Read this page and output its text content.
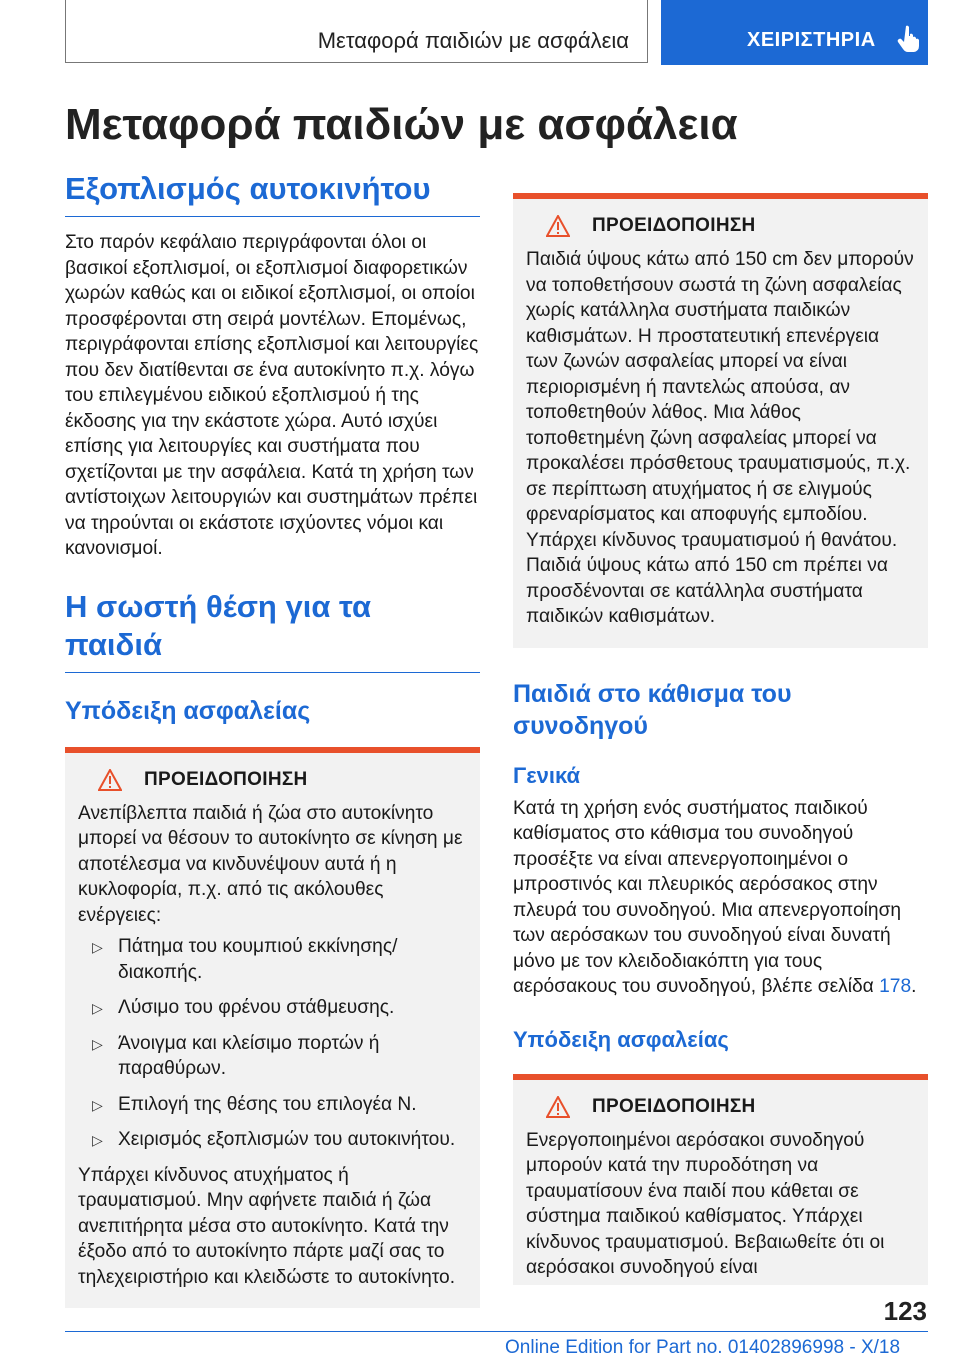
Μεταφορά παιδιών με ασφάλεια	ΧΕΙΡΙΣΤΗΡΙΑ
Μεταφορά παιδιών με ασφάλεια
Εξοπλισμός αυτοκινήτου

Στο παρόν κεφάλαιο περιγράφονται όλοι οι βασικοί εξοπλισμοί, οι εξοπλισμοί διαφορετικών χωρών καθώς και οι ειδικοί εξοπλισμοί, οι οποίοι προσφέρονται στη σειρά μοντέλων. Επομένως, περιγράφονται επίσης εξοπλισμοί και λειτουργίες που δεν διατίθενται σε ένα αυτοκίνητο π.χ. λόγω του επιλεγμένου ειδικού εξοπλισμού ή της έκδοσης για την εκάστοτε χώρα. Αυτό ισχύει επίσης για λειτουργίες και συστήματα που σχετίζονται με την ασφάλεια. Κατά τη χρήση των αντίστοιχων λειτουργιών και συστημάτων πρέπει να τηρούνται οι εκάστοτε ισχύοντες νόμοι και κανονισμοί.

Η σωστή θέση για τα παιδιά
Υπόδειξη ασφαλείας
ΠΡΟΕΙΔΟΠΟΙΗΣΗ

Ανεπίβλεπτα παιδιά ή ζώα στο αυτοκίνητο μπορεί να θέσουν το αυτοκίνητο σε κίνηση με αποτέλεσμα να κινδυνέψουν αυτά ή η κυκλοφορία, π.χ. από τις ακόλουθες ενέργειες:

▷ Πάτημα του κουμπιού εκκίνησης/διακοπής.
▷ Λύσιμο του φρένου στάθμευσης.
▷ Άνοιγμα και κλείσιμο πορτών ή παραθύρων.
▷ Επιλογή της θέσης του επιλογέα N.
▷ Χειρισμός εξοπλισμών του αυτοκινήτου.

Υπάρχει κίνδυνος ατυχήματος ή τραυματισμού. Μην αφήνετε παιδιά ή ζώα ανεπιτήρητα μέσα στο αυτοκίνητο. Κατά την έξοδο από το αυτοκίνητο πάρτε μαζί σας το τηλεχειριστήριο και κλειδώστε το αυτοκίνητο.

ΠΡΟΕΙΔΟΠΟΙΗΣΗ

Παιδιά ύψους κάτω από 150 cm δεν μπορούν να τοποθετήσουν σωστά τη ζώνη ασφαλείας χωρίς κατάλληλα συστήματα παιδικών καθισμάτων. Η προστατευτική επενέργεια των ζωνών ασφαλείας μπορεί να είναι περιορισμένη ή παντελώς απούσα, αν τοποθετηθούν λάθος. Μια λάθος τοποθετημένη ζώνη ασφαλείας μπορεί να προκαλέσει πρόσθετους τραυματισμούς, π.χ. σε περίπτωση ατυχήματος ή σε ελιγμούς φρεναρίσματος και αποφυγής εμποδίου. Υπάρχει κίνδυνος τραυματισμού ή θανάτου. Παιδιά ύψους κάτω από 150 cm πρέπει να προσδένονται σε κατάλληλα συστήματα παιδικών καθισμάτων.

Παιδιά στο κάθισμα του συνοδηγού
Γενικά

Κατά τη χρήση ενός συστήματος παιδικού καθίσματος στο κάθισμα του συνοδηγού προσέξτε να είναι απενεργοποιημένοι ο μπροστινός και πλευρικός αερόσακος στην πλευρά του συνοδηγού. Μια απενεργοποίηση των αερόσακων του συνοδηγού είναι δυνατή μόνο με τον κλειδοδιακόπτη για τους αερόσακους του συνοδηγού, βλέπε σελίδα 178.

Υπόδειξη ασφαλείας
ΠΡΟΕΙΔΟΠΟΙΗΣΗ

Ενεργοποιημένοι αερόσακοι συνοδηγού μπορούν κατά την πυροδότηση να τραυματίσουν ένα παιδί που κάθεται σε σύστημα παιδικού καθίσματος. Υπάρχει κίνδυνος τραυματισμού. Βεβαιωθείτε ότι οι αερόσακοι συνοδηγού είναι

123
Online Edition for Part no. 01402896998 - X/18
